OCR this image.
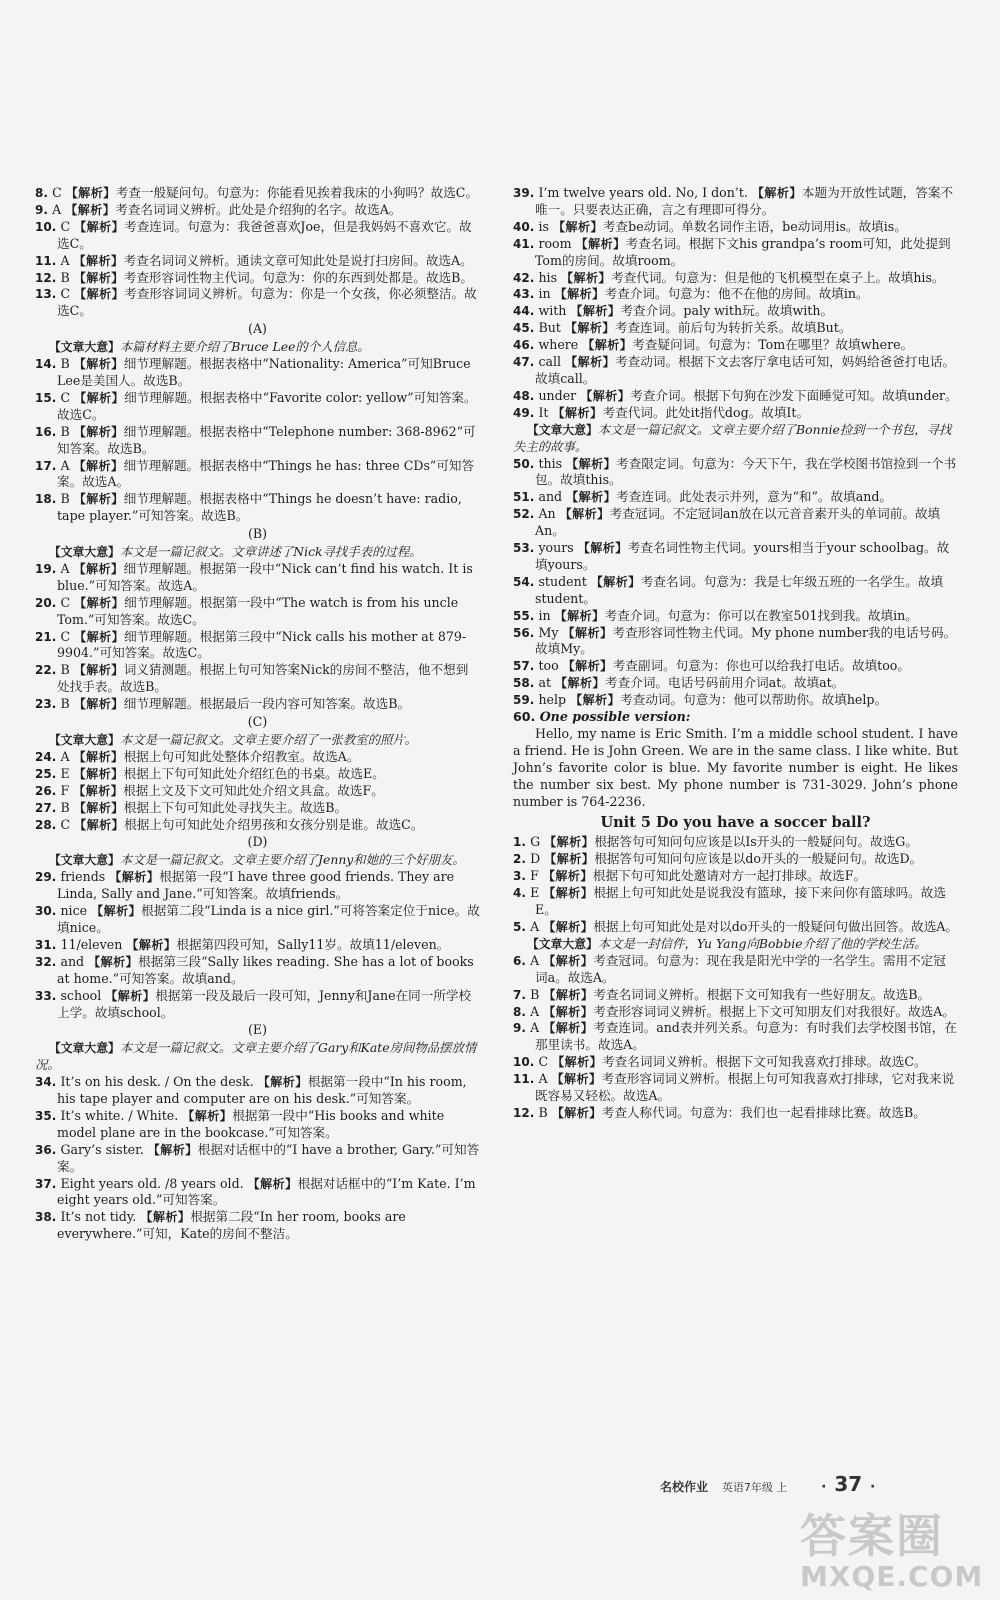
8. C 【解析】考查一般疑问句。句意为：你能看见挨着我床的小狗吗？故选C。

9. A 【解析】考查名词词义辨析。此处是介绍狗的名字。故选A。

10. C 【解析】考查连词。句意为：我爸爸喜欢Joe，但是我妈妈不喜欢它。故选C。

11. A 【解析】考查名词词义辨析。通读文章可知此处是说打扫房间。故选A。

12. B 【解析】考查形容词性物主代词。句意为：你的东西到处都是。故选B。

13. C 【解析】考查形容词词义辨析。句意为：你是一个女孩，你必须整洁。故选C。

(A)

【文章大意】本篇材料主要介绍了Bruce Lee的个人信息。

14. B 【解析】细节理解题。根据表格中“Nationality: America”可知Bruce Lee是美国人。故选B。

15. C 【解析】细节理解题。根据表格中“Favorite color: yellow”可知答案。故选C。

16. B 【解析】细节理解题。根据表格中“Telephone number: 368-8962”可知答案。故选B。

17. A 【解析】细节理解题。根据表格中“Things he has: three CDs”可知答案。故选A。

18. B 【解析】细节理解题。根据表格中“Things he doesn’t have: radio, tape player.”可知答案。故选B。

(B)

【文章大意】本文是一篇记叙文。文章讲述了Nick寻找手表的过程。

19. A 【解析】细节理解题。根据第一段中“Nick can’t find his watch. It is blue.”可知答案。故选A。

20. C 【解析】细节理解题。根据第一段中“The watch is from his uncle Tom.”可知答案。故选C。

21. C 【解析】细节理解题。根据第三段中“Nick calls his mother at 879-9904.”可知答案。故选C。

22. B 【解析】词义猜测题。根据上句可知答案Nick的房间不整洁，他不想到处找手表。故选B。

23. B 【解析】细节理解题。根据最后一段内容可知答案。故选B。

(C)

【文章大意】本文是一篇记叙文。文章主要介绍了一张教室的照片。

24. A 【解析】根据上句可知此处整体介绍教室。故选A。

25. E 【解析】根据上下句可知此处介绍红色的书桌。故选E。

26. F 【解析】根据上文及下文可知此处介绍文具盒。故选F。

27. B 【解析】根据上下句可知此处寻找失主。故选B。

28. C 【解析】根据上句可知此处介绍男孩和女孩分别是谁。故选C。

(D)

【文章大意】本文是一篇记叙文。文章主要介绍了Jenny和她的三个好朋友。

29. friends 【解析】根据第一段“I have three good friends. They are Linda, Sally and Jane.”可知答案。故填friends。

30. nice 【解析】根据第二段“Linda is a nice girl.”可将答案定位于nice。故填nice。

31. 11/eleven 【解析】根据第四段可知，Sally11岁。故填11/eleven。

32. and 【解析】根据第三段“Sally likes reading. She has a lot of books at home.”可知答案。故填and。

33. school 【解析】根据第一段及最后一段可知，Jenny和Jane在同一所学校上学。故填school。

(E)

【文章大意】本文是一篇记叙文。文章主要介绍了Gary和Kate房间物品摆放情况。

34. It’s on his desk. / On the desk. 【解析】根据第一段中“In his room, his tape player and computer are on his desk.”可知答案。

35. It’s white. / White. 【解析】根据第一段中“His books and white model plane are in the bookcase.”可知答案。

36. Gary’s sister. 【解析】根据对话框中的“I have a brother, Gary.”可知答案。

37. Eight years old. /8 years old. 【解析】根据对话框中的“I’m Kate. I’m eight years old.”可知答案。

38. It’s not tidy. 【解析】根据第二段“In her room, books are everywhere.”可知，Kate的房间不整洁。

39. I’m twelve years old. No, I don’t. 【解析】本题为开放性试题，答案不唯一。只要表达正确，言之有理即可得分。

40. is 【解析】考查be动词。单数名词作主语，be动词用is。故填is。

41. room 【解析】考查名词。根据下文his grandpa’s room可知，此处提到Tom的房间。故填room。

42. his 【解析】考查代词。句意为：但是他的飞机模型在桌子上。故填his。

43. in 【解析】考查介词。句意为：他不在他的房间。故填in。

44. with 【解析】考查介词。paly with玩。故填with。

45. But 【解析】考查连词。前后句为转折关系。故填But。

46. where 【解析】考查疑问词。句意为：Tom在哪里？故填where。

47. call 【解析】考查动词。根据下文去客厅拿电话可知，妈妈给爸爸打电话。故填call。

48. under 【解析】考查介词。根据下句狗在沙发下面睡觉可知。故填under。

49. It 【解析】考查代词。此处it指代dog。故填It。

【文章大意】本文是一篇记叙文。文章主要介绍了Bonnie捡到一个书包，寻找失主的故事。

50. this 【解析】考查限定词。句意为：今天下午，我在学校图书馆捡到一个书包。故填this。

51. and 【解析】考查连词。此处表示并列，意为“和”。故填and。

52. An 【解析】考查冠词。不定冠词an放在以元音音素开头的单词前。故填An。

53. yours 【解析】考查名词性物主代词。yours相当于your schoolbag。故填yours。

54. student 【解析】考查名词。句意为：我是七年级五班的一名学生。故填student。

55. in 【解析】考查介词。句意为：你可以在教室501找到我。故填in。

56. My 【解析】考查形容词性物主代词。My phone number我的电话号码。故填My。

57. too 【解析】考查副词。句意为：你也可以给我打电话。故填too。

58. at 【解析】考查介词。电话号码前用介词at。故填at。

59. help 【解析】考查动词。句意为：他可以帮助你。故填help。

60. One possible version:

Hello, my name is Eric Smith. I’m a middle school student. I have a friend. He is John Green. We are in the same class. I like white. But John’s favorite color is blue. My favorite number is eight. He likes the number six best. My phone number is 731-3029. John’s phone number is 764-2236.

Unit 5 Do you have a soccer ball?

1. G 【解析】根据答句可知问句应该是以Is开头的一般疑问句。故选G。

2. D 【解析】根据答句可知问句应该是以do开头的一般疑问句。故选D。

3. F 【解析】根据下句可知此处邀请对方一起打排球。故选F。

4. E 【解析】根据上句可知此处是说我没有篮球，接下来问你有篮球吗。故选E。

5. A 【解析】根据上句可知此处是对以do开头的一般疑问句做出回答。故选A。

【文章大意】本文是一封信件，Yu Yang向Bobbie介绍了他的学校生活。

6. A 【解析】考查冠词。句意为：现在我是阳光中学的一名学生。需用不定冠词a。故选A。

7. B 【解析】考查名词词义辨析。根据下文可知我有一些好朋友。故选B。

8. A 【解析】考查形容词词义辨析。根据上下文可知朋友们对我很好。故选A。

9. A 【解析】考查连词。and表并列关系。句意为：有时我们去学校图书馆，在那里读书。故选A。

10. C 【解析】考查名词词义辨析。根据下文可知我喜欢打排球。故选C。

11. A 【解析】考查形容词词义辨析。根据上句可知我喜欢打排球，它对我来说既容易又轻松。故选A。

12. B 【解析】考查人称代词。句意为：我们也一起看排球比赛。故选B。

名校作业 英语7年级 上 · 37 ·
答案圈
MXQE.COM
